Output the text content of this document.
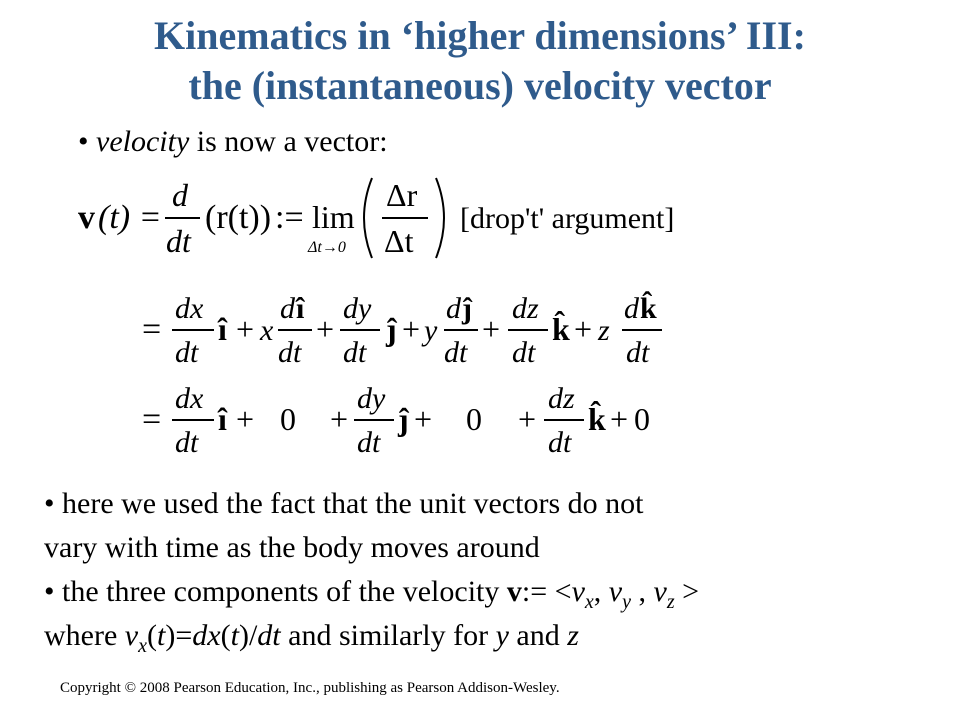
Kinematics in ‘higher dimensions’ III:
the (instantaneous) velocity vector
• velocity is now a vector:
v (t) =
d
dt
(r(t)) := lim
Δt→0
Δr
Δt
[drop't' argument]
=
dx
dt
î + x
d î
dt
+
dy
dt
ĵ + y
d ĵ
dt
+
dz
dt
k̂ + z
d k̂
dt
=
dx
dt
î + 0 +
dy
dt
ĵ + 0 +
dz
dt
k̂ + 0
• here we used the fact that the unit vectors do not
vary with time as the body moves around
• the three components of the velocity v:= $<v_x$, $v_y$ , $v_z$ >
where $v_x(t)=dx(t)/dt$ and similarly for y and z
Copyright © 2008 Pearson Education, Inc., publishing as Pearson Addison-Wesley.
